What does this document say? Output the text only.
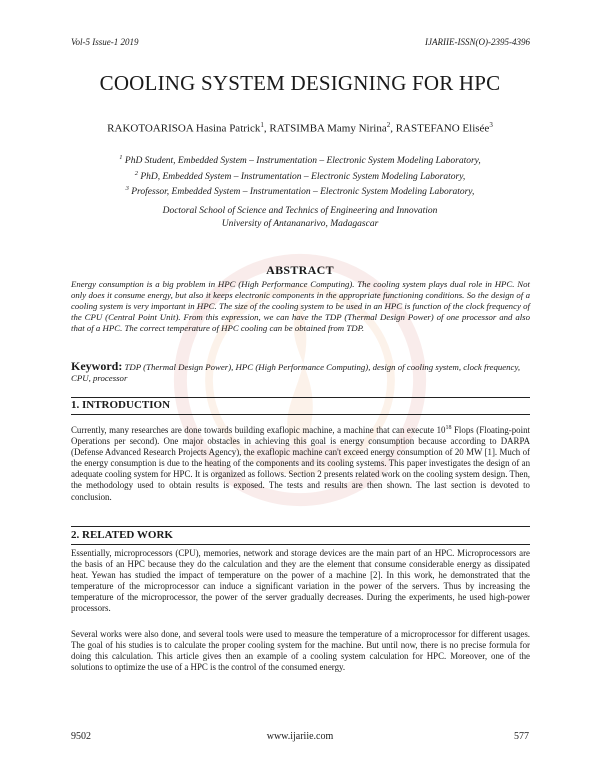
Vol-5 Issue-1 2019	IJARIIE-ISSN(O)-2395-4396
COOLING SYSTEM DESIGNING FOR HPC
RAKOTOARISOA Hasina Patrick$^1$, RATSIMBA Mamy Nirina$^2$, RASTEFANO Elisée$^3$
$^1$ PhD Student, Embedded System – Instrumentation – Electronic System Modeling Laboratory,
$^2$ PhD, Embedded System – Instrumentation – Electronic System Modeling Laboratory,
$^3$ Professor, Embedded System – Instrumentation – Electronic System Modeling Laboratory,
Doctoral School of Science and Technics of Engineering and Innovation
University of Antananarivo, Madagascar
ABSTRACT
Energy consumption is a big problem in HPC (High Performance Computing). The cooling system plays dual role in HPC. Not only does it consume energy, but also it keeps electronic components in the appropriate functioning conditions. So the design of a cooling system is very important in HPC. The size of the cooling system to be used in an HPC is function of the clock frequency of the CPU (Central Point Unit). From this expression, we can have the TDP (Thermal Design Power) of one processor and also that of a HPC. The correct temperature of HPC cooling can be obtained from TDP.
Keyword: TDP (Thermal Design Power), HPC (High Performance Computing), design of cooling system, clock frequency, CPU, processor
1. INTRODUCTION
Currently, many researches are done towards building exaflopic machine, a machine that can execute $10^{18}$ Flops (Floating-point Operations per second). One major obstacles in achieving this goal is energy consumption because according to DARPA (Defense Advanced Research Projects Agency), the exaflopic machine can't exceed energy consumption of 20 MW [1]. Much of the energy consumption is due to the heating of the components and its cooling systems. This paper investigates the design of an adequate cooling system for HPC. It is organized as follows. Section 2 presents related work on the cooling system design. Then, the methodology used to obtain results is exposed. The tests and results are then shown. The last section is devoted to conclusion.
2. RELATED WORK
Essentially, microprocessors (CPU), memories, network and storage devices are the main part of an HPC. Microprocessors are the basis of an HPC because they do the calculation and they are the element that consume considerable energy as dissipated heat. Yewan has studied the impact of temperature on the power of a machine [2]. In this work, he demonstrated that the temperature of the microprocessor can induce a significant variation in the power of the servers. Thus by increasing the temperature of the microprocessor, the power of the server gradually decreases. During the experiments, he used high-power processors.
Several works were also done, and several tools were used to measure the temperature of a microprocessor for different usages. The goal of his studies is to calculate the proper cooling system for the machine. But until now, there is no precise formula for doing this calculation. This article gives then an example of a cooling system calculation for HPC. Moreover, one of the solutions to optimize the use of a HPC is the control of the consumed energy.
9502	www.ijariie.com	577
